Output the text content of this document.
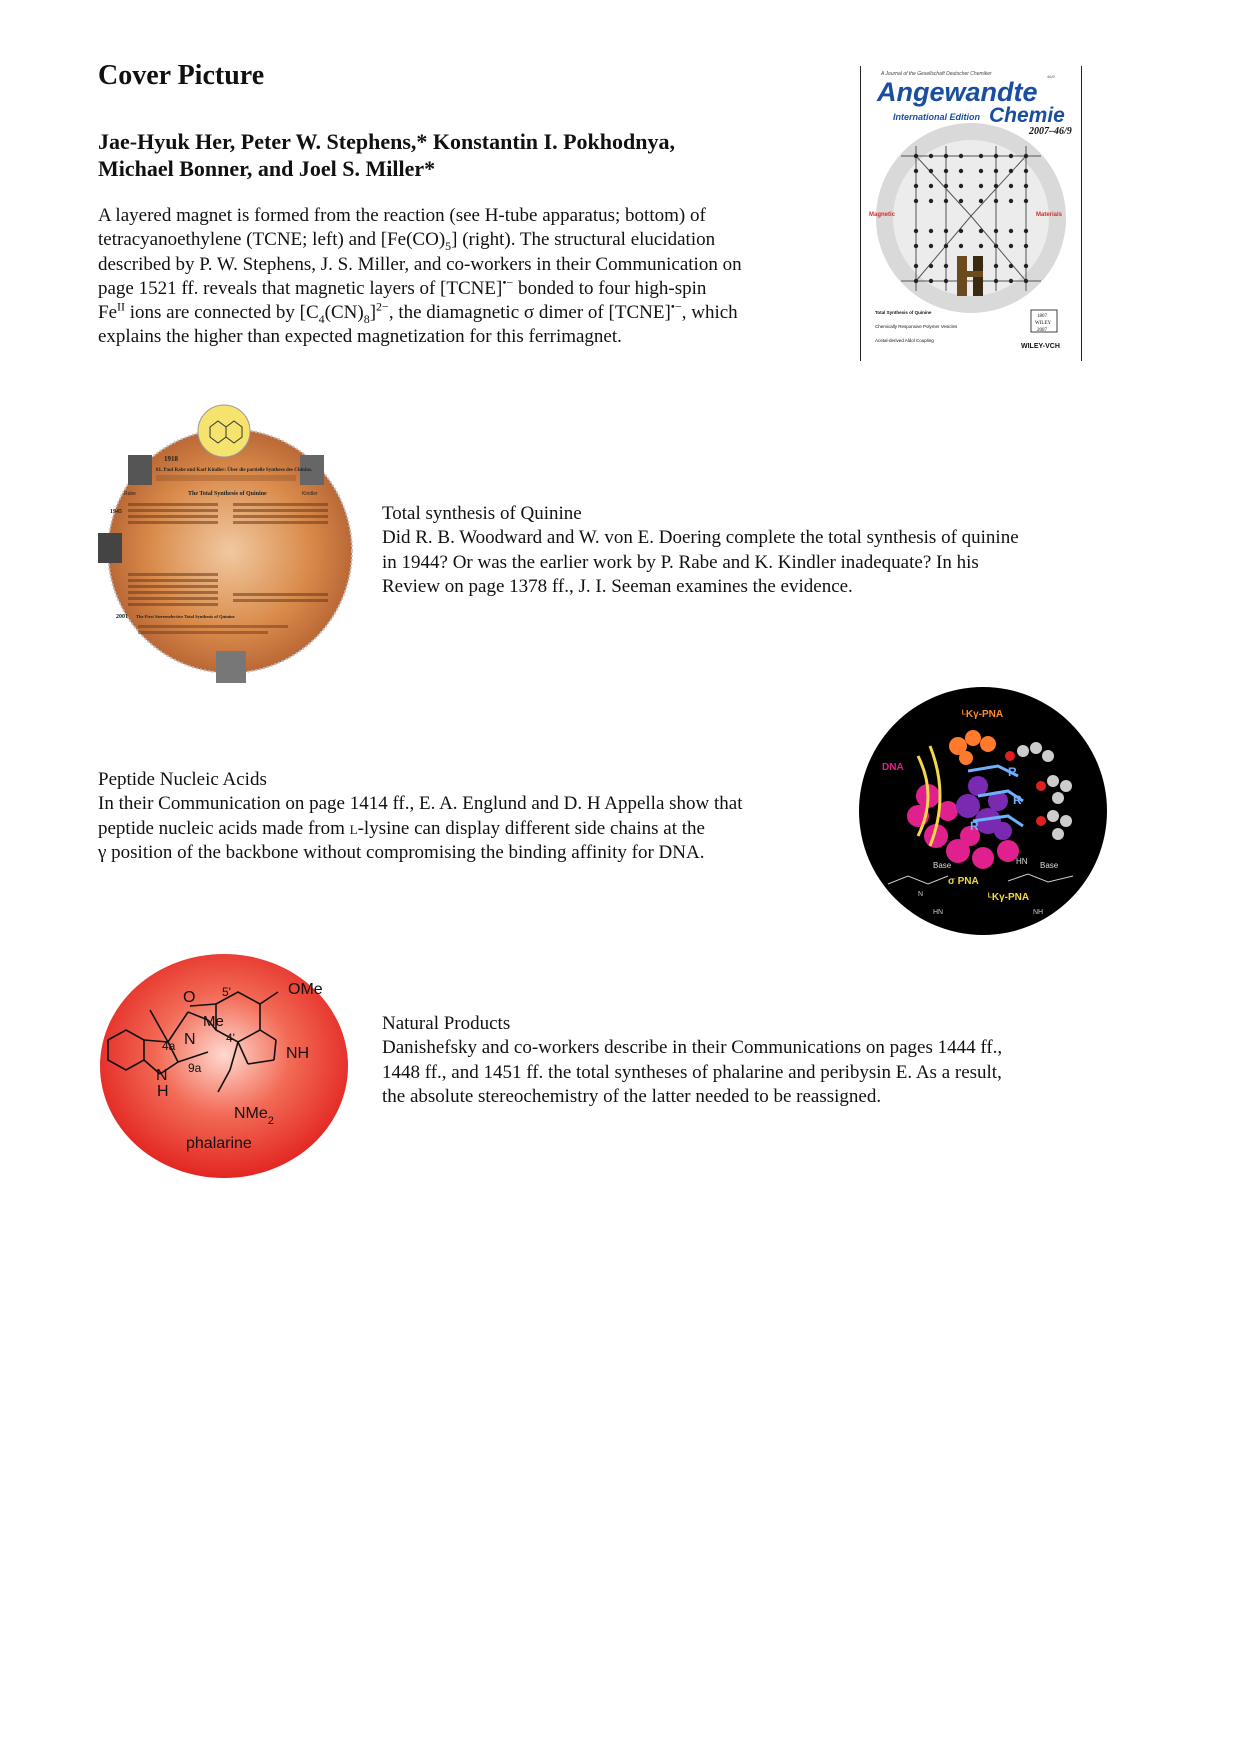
Cover Picture
Jae-Hyuk Her, Peter W. Stephens,* Konstantin I. Pokhodnya,
Michael Bonner, and Joel S. Miller*
A layered magnet is formed from the reaction (see H-tube apparatus; bottom) of
tetracyanoethylene (TCNE; left) and $[Fe(CO)_5]$ (right). The structural elucidation
described by P. W. Stephens, J. S. Miller, and co-workers in their Communication on
page 1521 ff. reveals that magnetic layers of [TCNE]•− bonded to four high-spin
$Fe^{II}$ ions are connected by $[C_4(CN)_8]^{2-}$, the diamagnetic σ dimer of [TCNE]•−, which
explains the higher than expected magnetization for this ferrimagnet.
46/9
A Journal of the Gesellschaft Deutscher Chemiker
Angewandte
International Edition Chemie
2007–46/9
Magnetic	Materials
Total Synthesis of Quinine
Chemically Responsive Polymer Vesicles
Acetal-derived Aldol Coupling
1807
WILEY
2007
WILEY-VCH
Rabe	Kindler
1918
81. Paul Rabe und Karl Kindler: Über die partielle Synthese des Chinins.
The Total Synthesis of Quinine
1945
2001 The First Stereoselective Total Synthesis of Quinine
Total synthesis of Quinine
Did R. B. Woodward and W. von E. Doering complete the total synthesis of quinine
in 1944? Or was the earlier work by P. Rabe and K. Kindler inadequate? In his
Review on page 1378 ff., J. I. Seeman examines the evidence.
Peptide Nucleic Acids
In their Communication on page 1414 ff., E. A. Englund and D. H Appella show that
peptide nucleic acids made from l-lysine can display different side chains at the
γ position of the backbone without compromising the binding affinity for DNA.
ᴸKγ-PNA
DNA	R
R
R
Base	HN Base
σ PNA
ᴸKγ-PNA
N
HN	NH
O 5'	OMe
Me
4'
N
4a	NH
9a
N
H
NMe$_2$
phalarine
Natural Products
Danishefsky and co-workers describe in their Communications on pages 1444 ff.,
1448 ff., and 1451 ff. the total syntheses of phalarine and peribysin E. As a result,
the absolute stereochemistry of the latter needed to be reassigned.
